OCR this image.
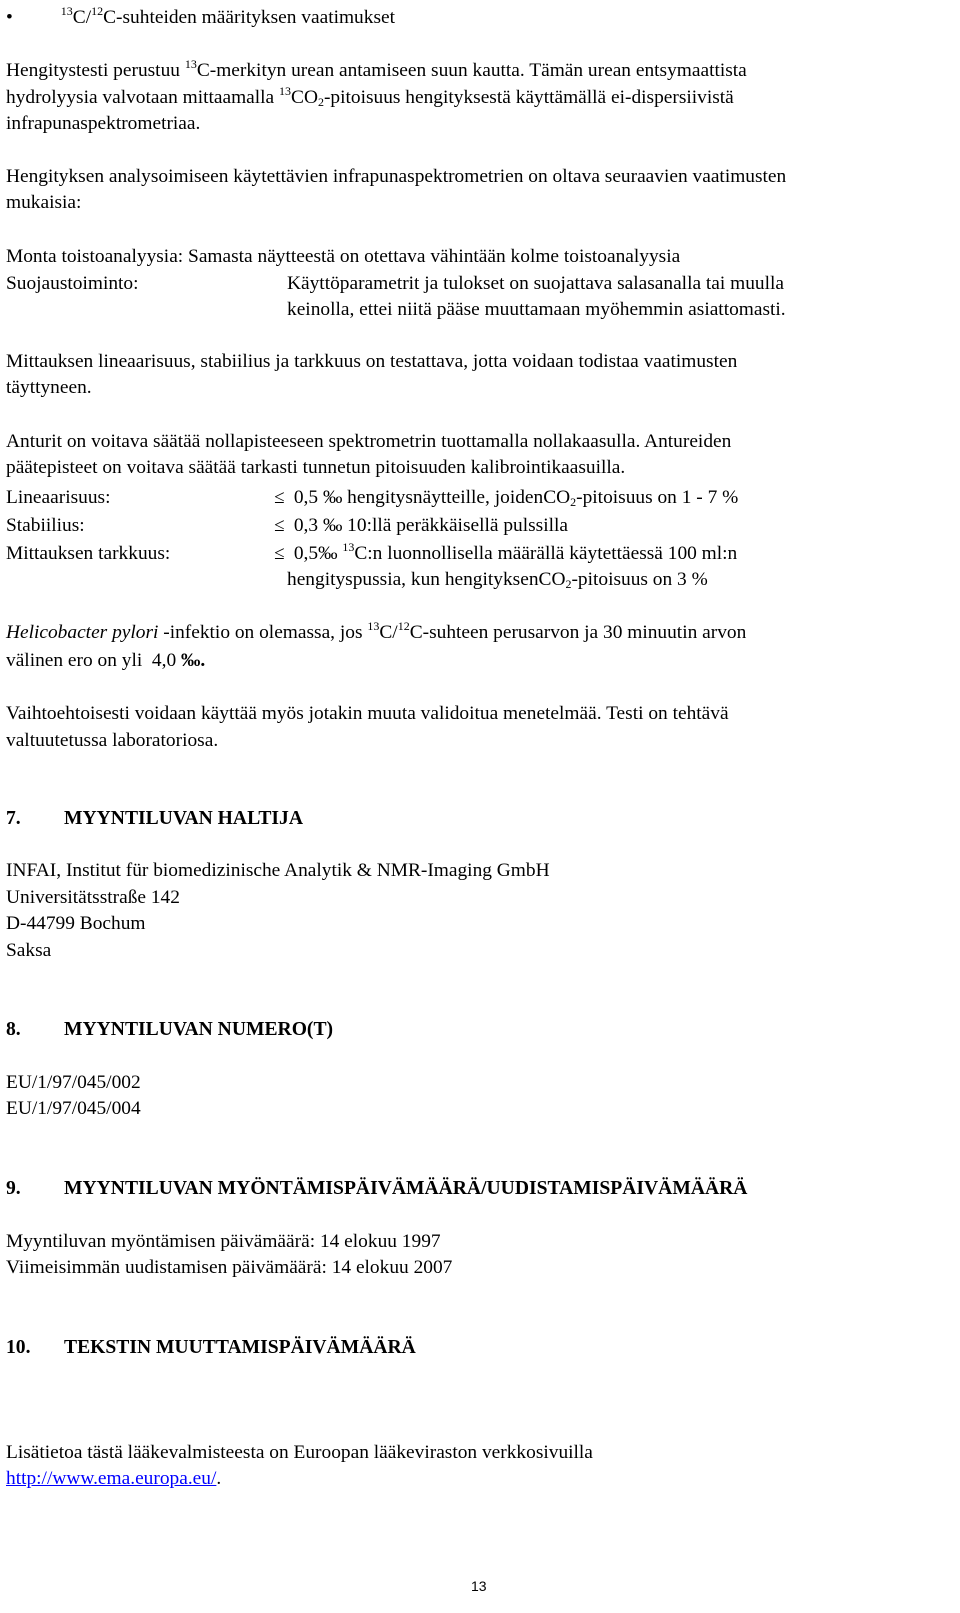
•	$^{13}$C/$^{12}$C-suhteiden määrityksen vaatimukset
Hengitystesti perustuu $^{13}$C-merkityn urean antamiseen suun kautta. Tämän urean entsymaattista
hydrolyysia valvotaan mittaamalla $^{13}CO_2$-pitoisuus hengityksestä käyttämällä ei-dispersiivistä
infrapunaspektrometriaa.
Hengityksen analysoimiseen käytettävien infrapunaspektrometrien on oltava seuraavien vaatimusten
mukaisia:
Monta toistoanalyysia: Samasta näytteestä on otettava vähintään kolme toistoanalyysia
Suojaustoiminto:	Käyttöparametrit ja tulokset on suojattava salasanalla tai muulla
keinolla, ettei niitä pääse muuttamaan myöhemmin asiattomasti.
Mittauksen lineaarisuus, stabiilius ja tarkkuus on testattava, jotta voidaan todistaa vaatimusten
täyttyneen.
Anturit on voitava säätää nollapisteeseen spektrometrin tuottamalla nollakaasulla. Antureiden
päätepisteet on voitava säätää tarkasti tunnetun pitoisuuden kalibrointikaasuilla.
Lineaarisuus:	≤ 0,5 ‰ hengitysnäytteille, joidenCO$_2$-pitoisuus on 1 - 7 %
Stabiilius:	≤ 0,3 ‰ 10:llä peräkkäisellä pulssilla
Mittauksen tarkkuus:	≤ 0,5‰ $^{13}$C:n luonnollisella määrällä käytettäessä 100 ml:n
hengityspussia, kun hengityksenCO$_2$-pitoisuus on 3 %
Helicobacter pylori -infektio on olemassa, jos $^{13}$C/$^{12}$C-suhteen perusarvon ja 30 minuutin arvon
välinen ero on yli  4,0 ‰.
Vaihtoehtoisesti voidaan käyttää myös jotakin muuta validoitua menetelmää. Testi on tehtävä
valtuutetussa laboratoriosa.
7. MYYNTILUVAN HALTIJA
INFAI, Institut für biomedizinische Analytik & NMR-Imaging GmbH
Universitätsstraße 142
D-44799 Bochum
Saksa
8. MYYNTILUVAN NUMERO(T)
EU/1/97/045/002
EU/1/97/045/004
9. MYYNTILUVAN MYÖNTÄMISPÄIVÄMÄÄRÄ/UUDISTAMISPÄIVÄMÄÄRÄ
Myyntiluvan myöntämisen päivämäärä: 14 elokuu 1997
Viimeisimmän uudistamisen päivämäärä: 14 elokuu 2007
10. TEKSTIN MUUTTAMISPÄIVÄMÄÄRÄ
Lisätietoa tästä lääkevalmisteesta on Euroopan lääkeviraston verkkosivuilla
http://www.ema.europa.eu/.
13
